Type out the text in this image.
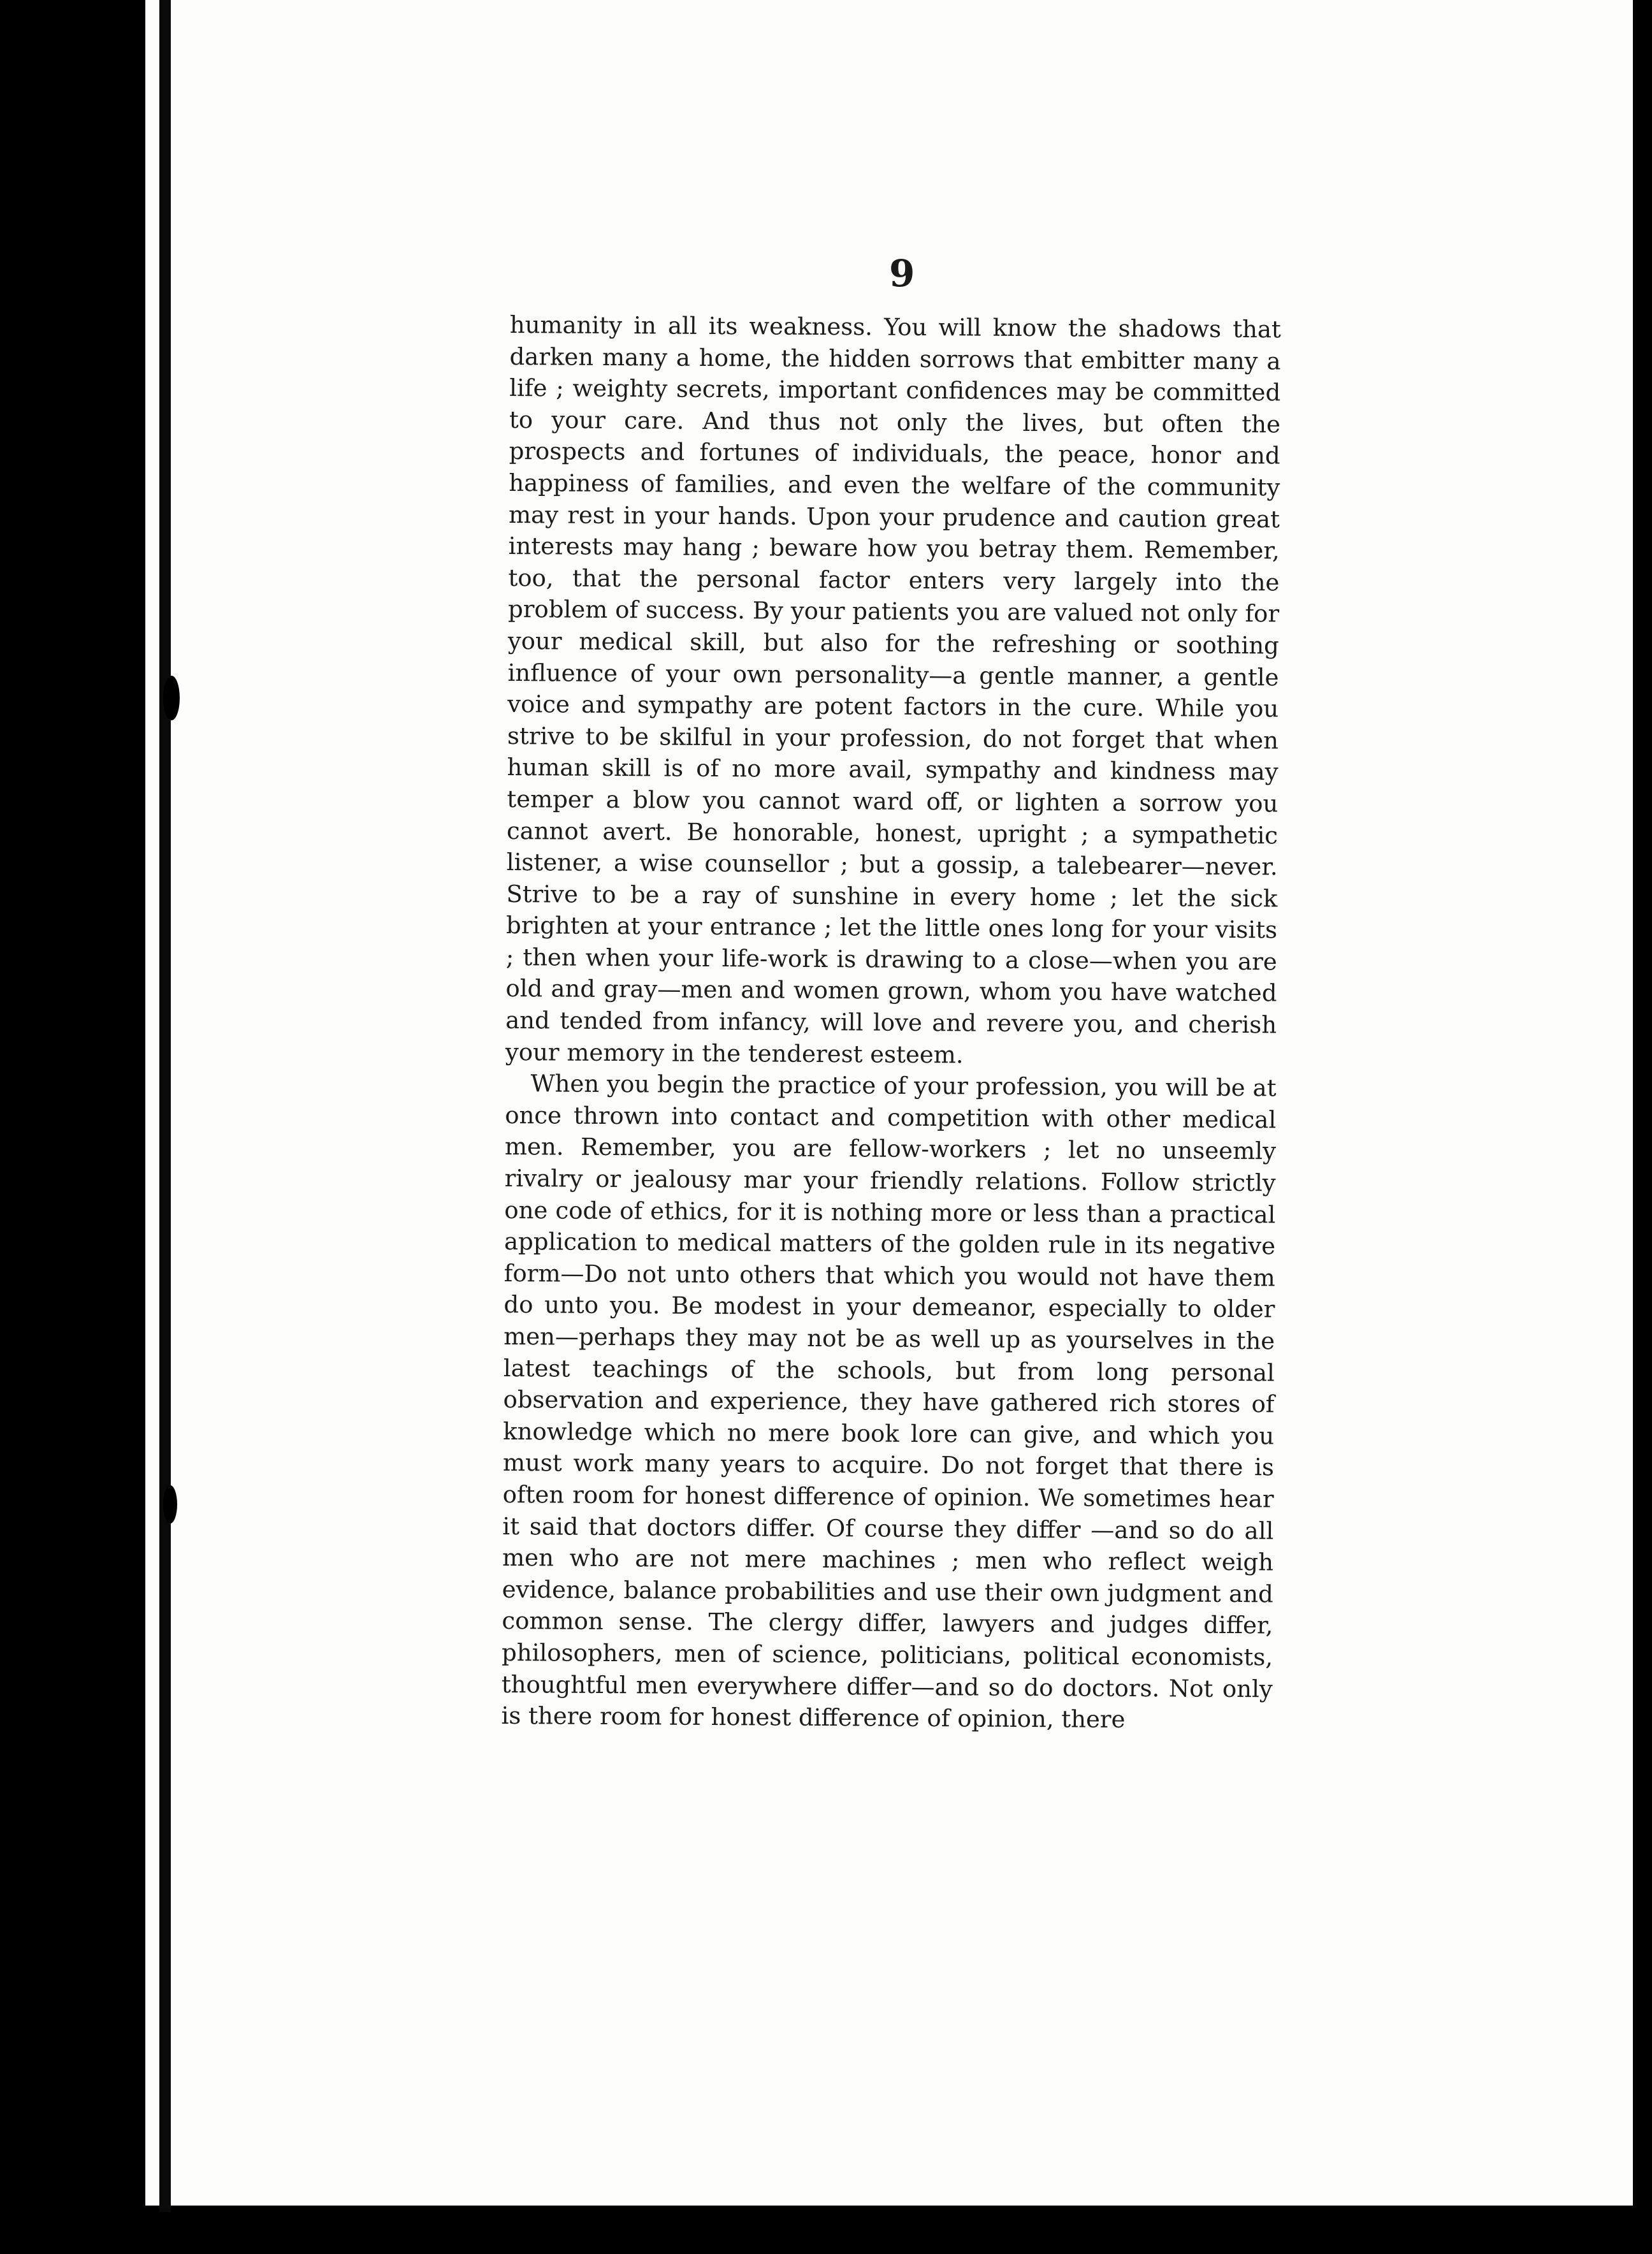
9

humanity in all its weakness. You will know the shadows that darken many a home, the hidden sorrows that embitter many a life ; weighty secrets, important confidences may be committed to your care. And thus not only the lives, but often the prospects and fortunes of individuals, the peace, honor and happiness of families, and even the welfare of the community may rest in your hands. Upon your prudence and caution great interests may hang ; beware how you betray them. Remember, too, that the personal factor enters very largely into the problem of success. By your patients you are valued not only for your medical skill, but also for the refreshing or soothing influence of your own personality—a gentle manner, a gentle voice and sympathy are potent factors in the cure. While you strive to be skilful in your profession, do not forget that when human skill is of no more avail, sympathy and kindness may temper a blow you cannot ward off, or lighten a sorrow you cannot avert. Be honorable, honest, upright ; a sympathetic listener, a wise counsellor ; but a gossip, a talebearer—never. Strive to be a ray of sunshine in every home ; let the sick brighten at your entrance ; let the little ones long for your visits ; then when your life-work is drawing to a close—when you are old and gray—men and women grown, whom you have watched and tended from infancy, will love and revere you, and cherish your memory in the tenderest esteem.

When you begin the practice of your profession, you will be at once thrown into contact and competition with other medical men. Remember, you are fellow-workers ; let no unseemly rivalry or jealousy mar your friendly relations. Follow strictly one code of ethics, for it is nothing more or less than a practical application to medical matters of the golden rule in its negative form—Do not unto others that which you would not have them do unto you. Be modest in your demeanor, especially to older men—perhaps they may not be as well up as yourselves in the latest teachings of the schools, but from long personal observation and experience, they have gathered rich stores of knowledge which no mere book lore can give, and which you must work many years to acquire. Do not forget that there is often room for honest difference of opinion. We sometimes hear it said that doctors differ. Of course they differ —and so do all men who are not mere machines ; men who reflect weigh evidence, balance probabilities and use their own judgment and common sense. The clergy differ, lawyers and judges differ, philosophers, men of science, politicians, political economists, thoughtful men everywhere differ—and so do doctors. Not only is there room for honest difference of opinion, there
